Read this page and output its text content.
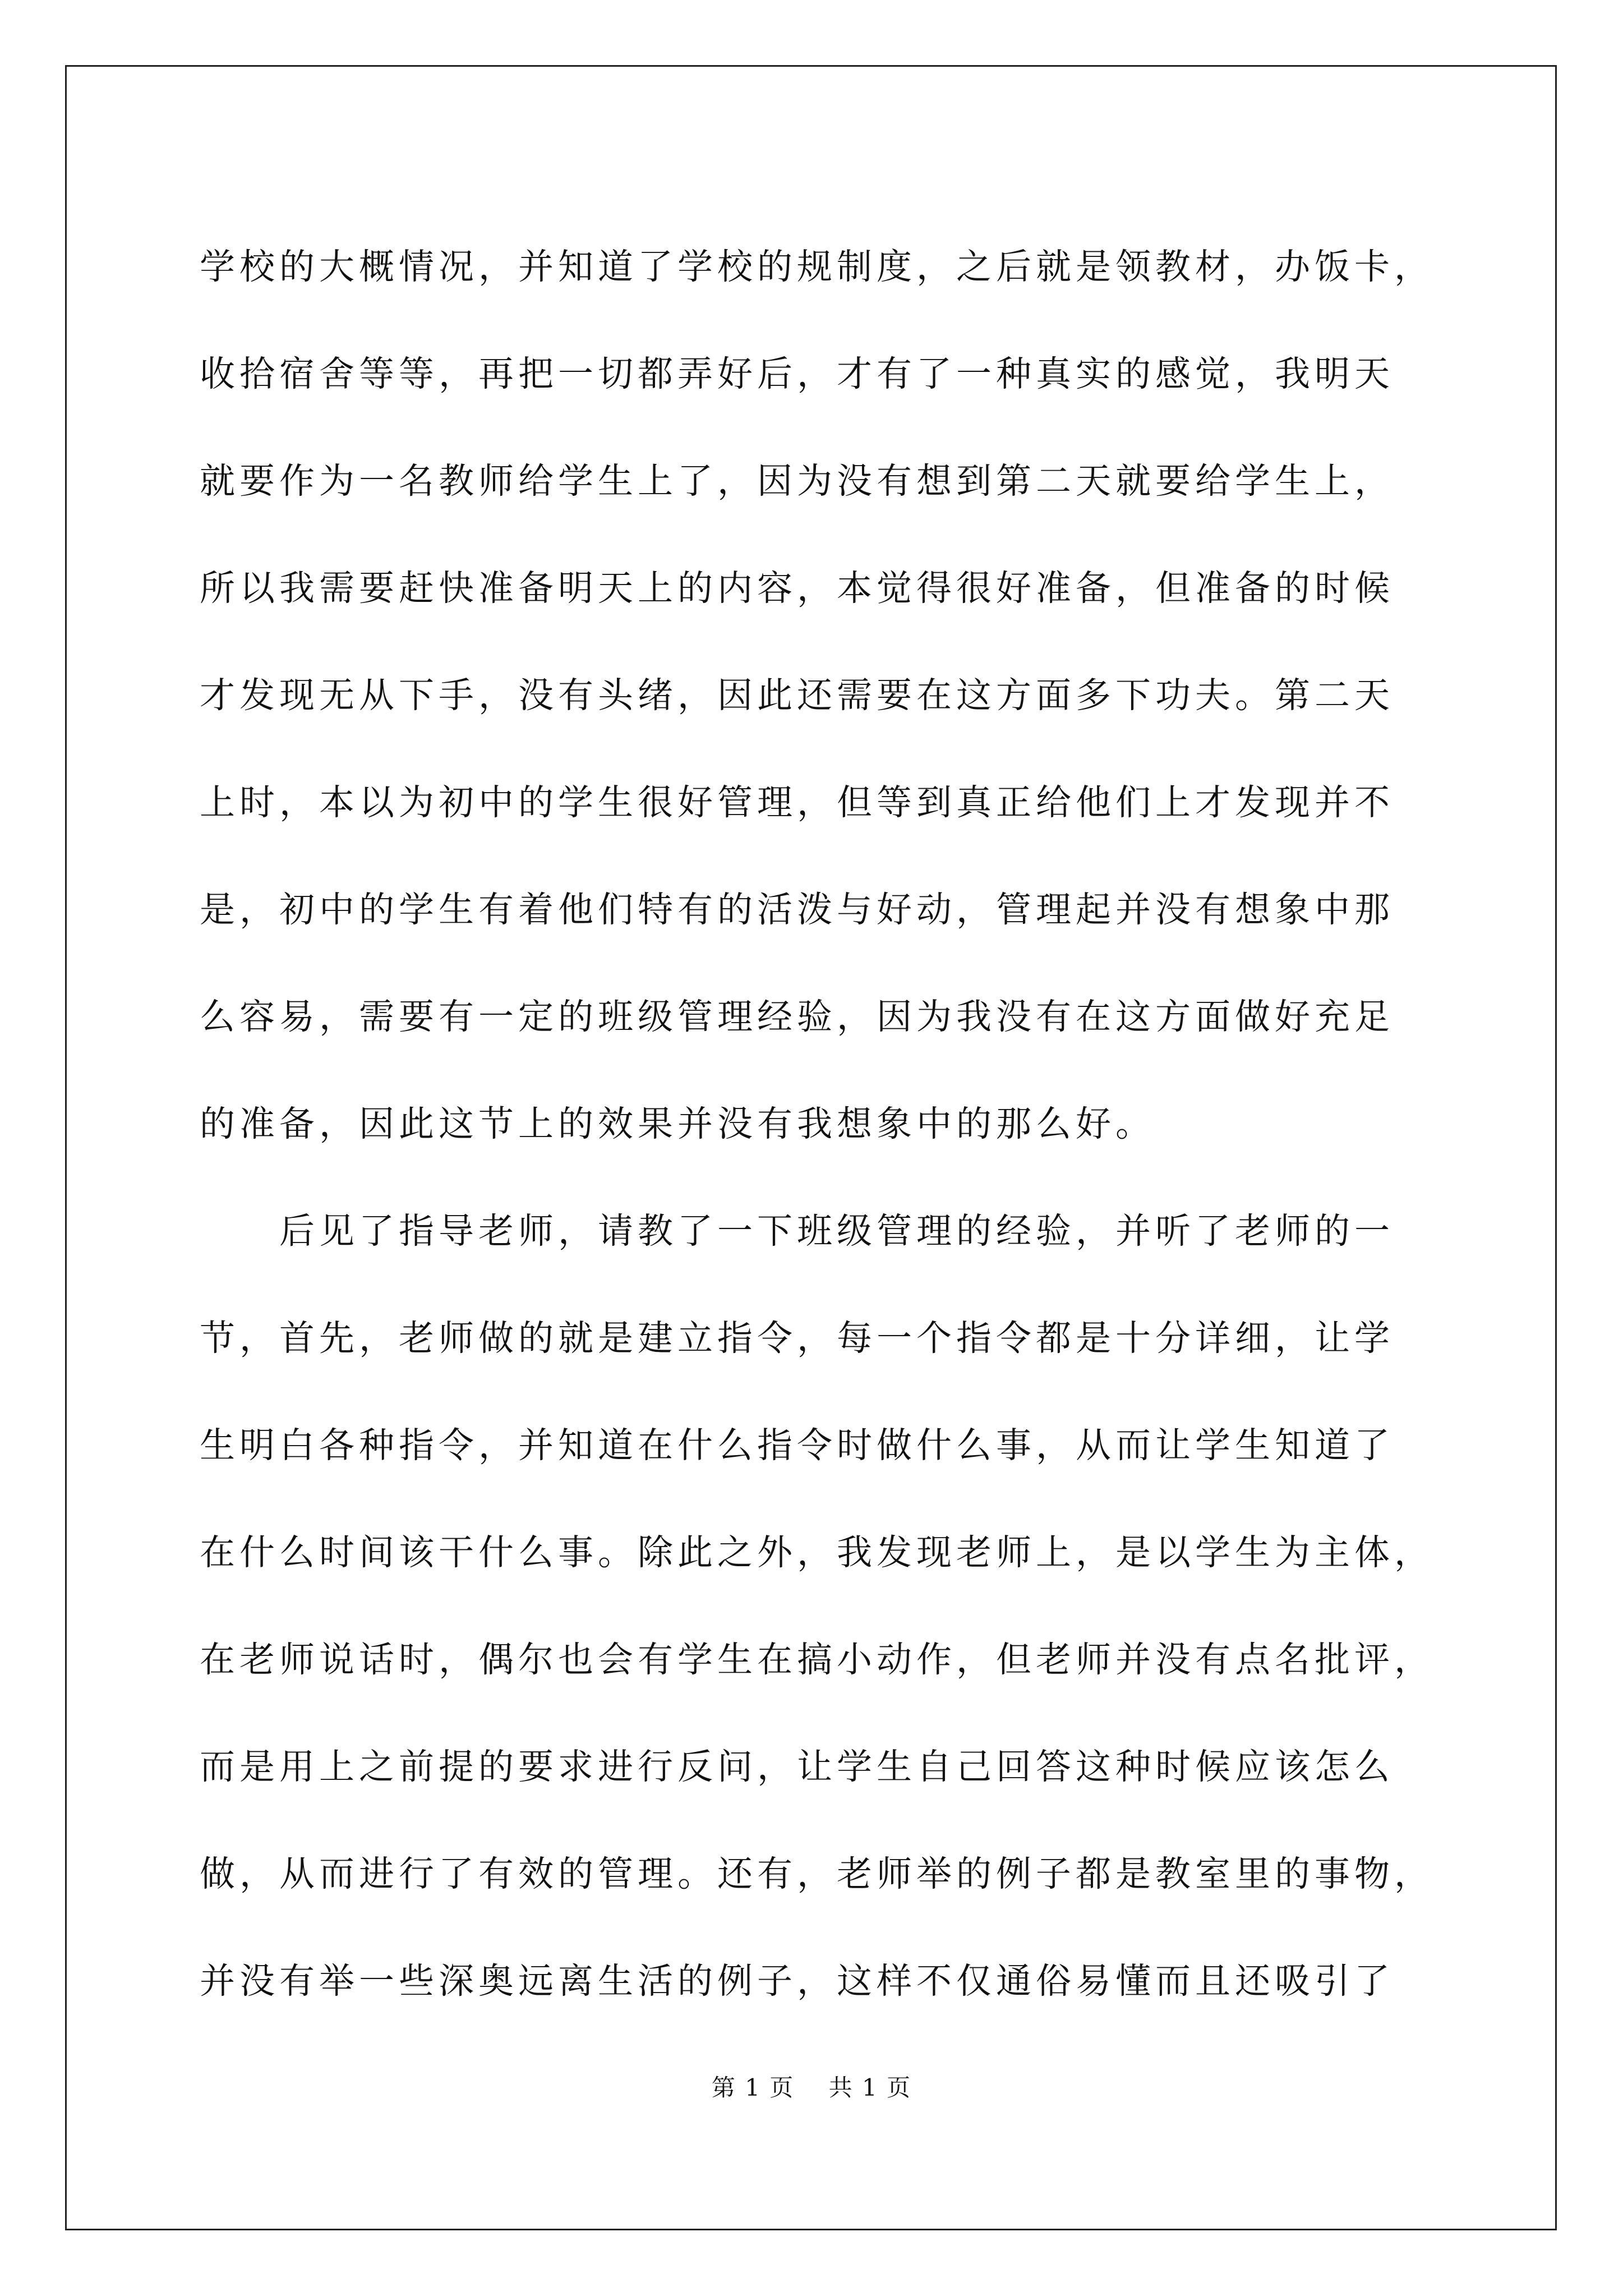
学校的大概情况，并知道了学校的规制度，之后就是领教材，办饭卡，
收拾宿舍等等，再把一切都弄好后，才有了一种真实的感觉，我明天
就要作为一名教师给学生上了，因为没有想到第二天就要给学生上，
所以我需要赶快准备明天上的内容，本觉得很好准备，但准备的时候
才发现无从下手，没有头绪，因此还需要在这方面多下功夫。第二天
上时，本以为初中的学生很好管理，但等到真正给他们上才发现并不
是，初中的学生有着他们特有的活泼与好动，管理起并没有想象中那
么容易，需要有一定的班级管理经验，因为我没有在这方面做好充足
的准备，因此这节上的效果并没有我想象中的那么好。
后见了指导老师，请教了一下班级管理的经验，并听了老师的一
节，首先，老师做的就是建立指令，每一个指令都是十分详细，让学
生明白各种指令，并知道在什么指令时做什么事，从而让学生知道了
在什么时间该干什么事。除此之外，我发现老师上，是以学生为主体，
在老师说话时，偶尔也会有学生在搞小动作，但老师并没有点名批评，
而是用上之前提的要求进行反问，让学生自己回答这种时候应该怎么
做，从而进行了有效的管理。还有，老师举的例子都是教室里的事物，
并没有举一些深奥远离生活的例子，这样不仅通俗易懂而且还吸引了
第 1 页 共 1 页
